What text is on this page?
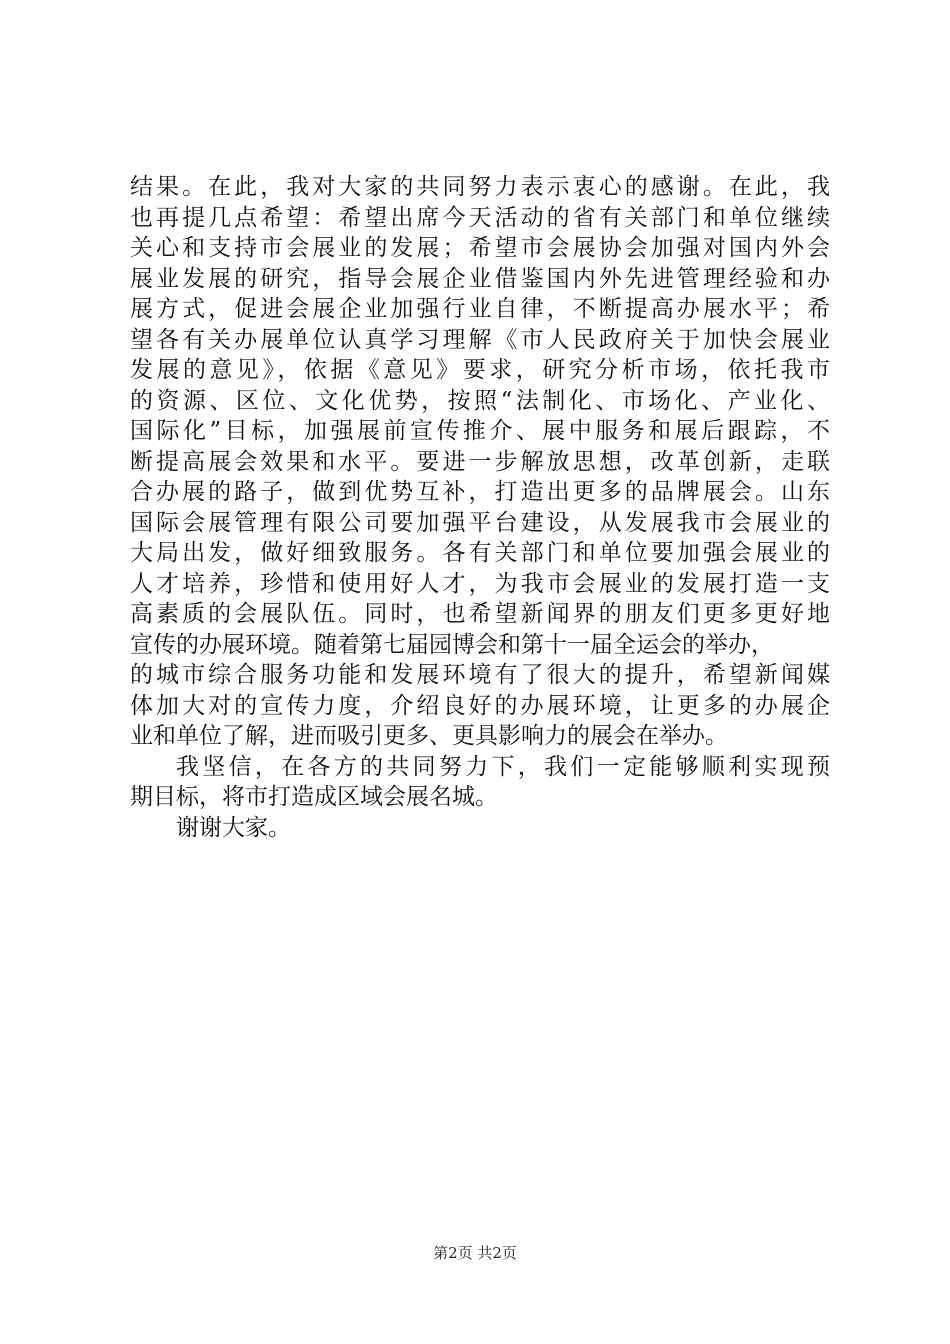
结果。在此，我对大家的共同努力表示衷心的感谢。在此，我
也再提几点希望：希望出席今天活动的省有关部门和单位继续
关心和支持市会展业的发展；希望市会展协会加强对国内外会
展业发展的研究，指导会展企业借鉴国内外先进管理经验和办
展方式，促进会展企业加强行业自律，不断提高办展水平；希
望各有关办展单位认真学习理解《市人民政府关于加快会展业
发展的意见》，依据《意见》要求，研究分析市场，依托我市
的资源、区位、文化优势，按照“法制化、市场化、产业化、
国际化”目标，加强展前宣传推介、展中服务和展后跟踪，不
断提高展会效果和水平。要进一步解放思想，改革创新，走联
合办展的路子，做到优势互补，打造出更多的品牌展会。山东
国际会展管理有限公司要加强平台建设，从发展我市会展业的
大局出发，做好细致服务。各有关部门和单位要加强会展业的
人才培养，珍惜和使用好人才，为我市会展业的发展打造一支
高素质的会展队伍。同时，也希望新闻界的朋友们更多更好地
宣传的办展环境。随着第七届园博会和第十一届全运会的举办，
的城市综合服务功能和发展环境有了很大的提升，希望新闻媒
体加大对的宣传力度，介绍良好的办展环境，让更多的办展企
业和单位了解，进而吸引更多、更具影响力的展会在举办。
我坚信，在各方的共同努力下，我们一定能够顺利实现预
期目标，将市打造成区域会展名城。
谢谢大家。
第2页 共2页
